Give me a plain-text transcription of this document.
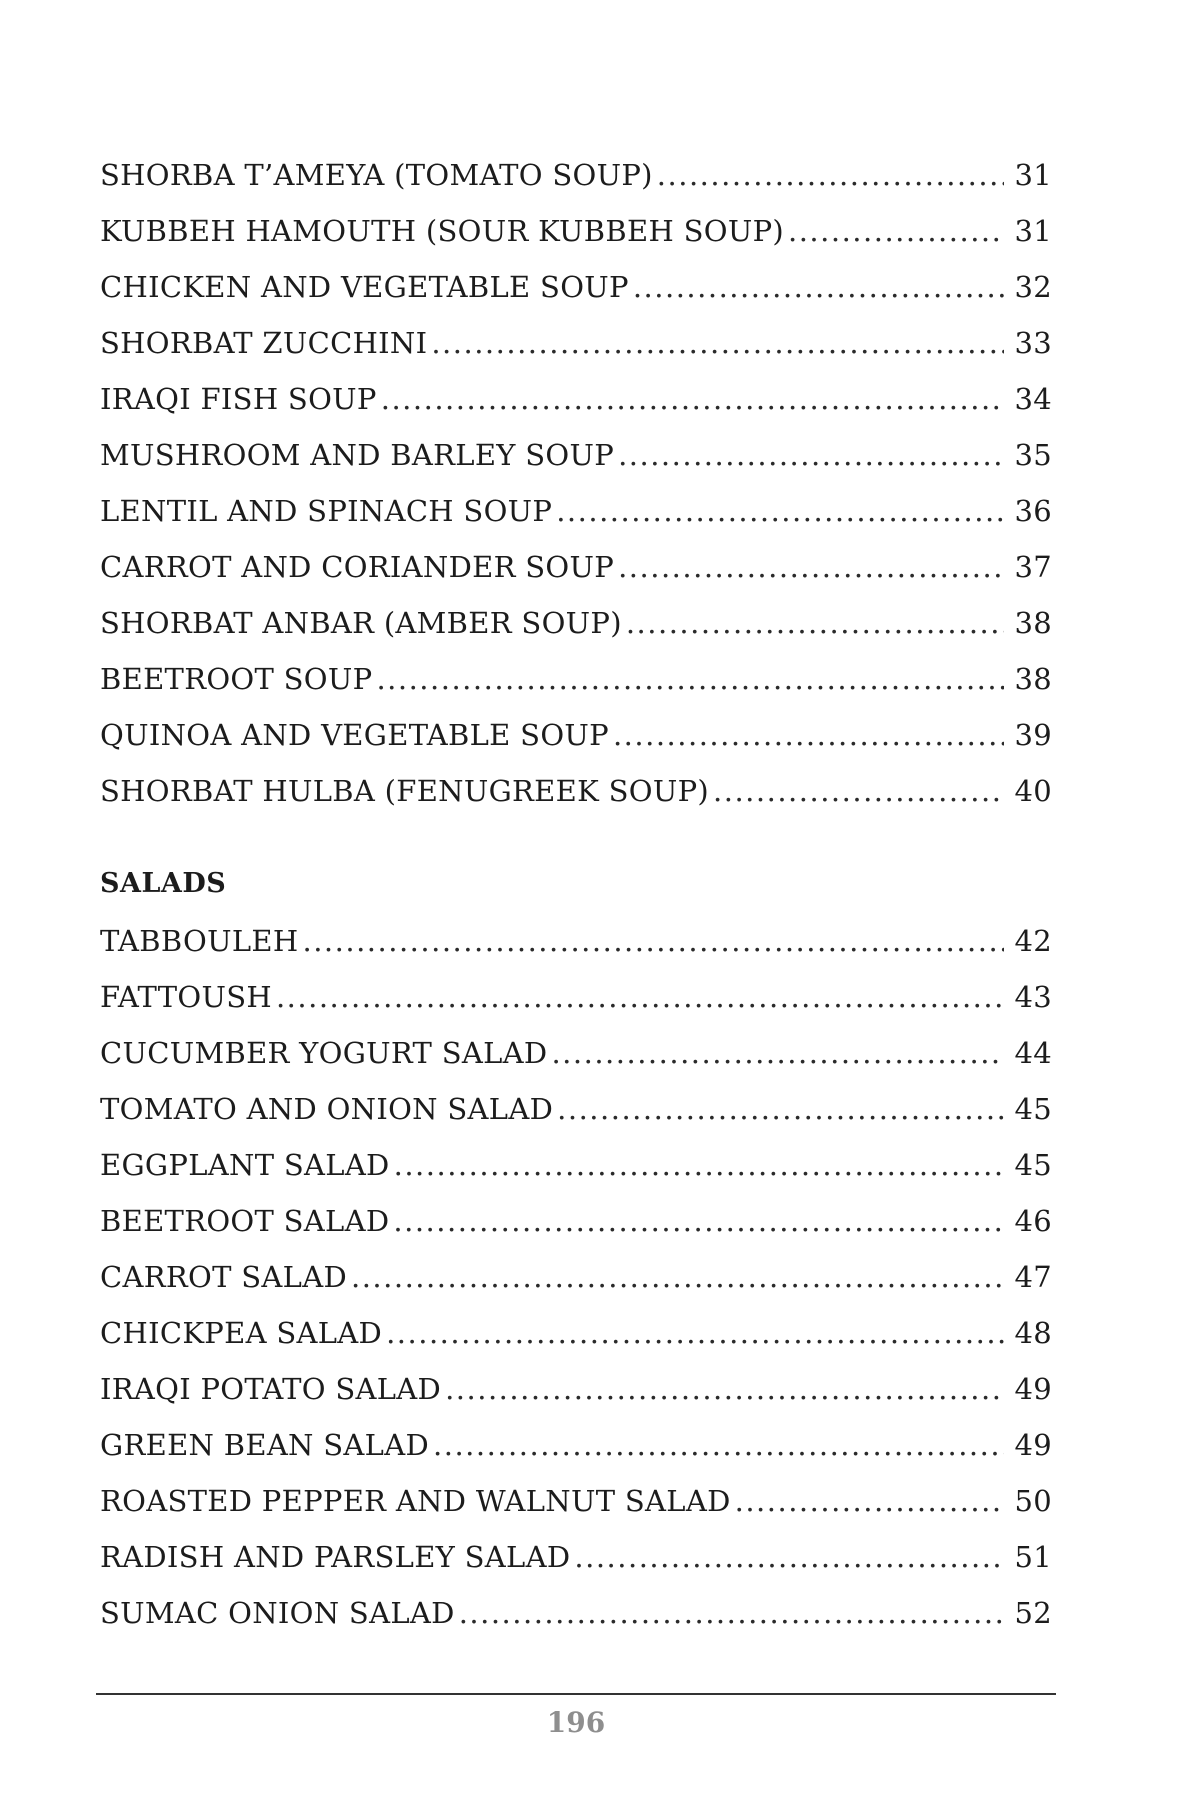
SHORBA T’AMEYA (TOMATO SOUP) .....	31
KUBBEH HAMOUTH (SOUR KUBBEH SOUP) .....	31
CHICKEN AND VEGETABLE SOUP .....	32
SHORBAT ZUCCHINI .....	33
IRAQI FISH SOUP .....	34
MUSHROOM AND BARLEY SOUP .....	35
LENTIL AND SPINACH SOUP .....	36
CARROT AND CORIANDER SOUP .....	37
SHORBAT ANBAR (AMBER SOUP) .....	38
BEETROOT SOUP .....	38
QUINOA AND VEGETABLE SOUP .....	39
SHORBAT HULBA (FENUGREEK SOUP) .....	40
SALADS
TABBOULEH .....	42
FATTOUSH .....	43
CUCUMBER YOGURT SALAD .....	44
TOMATO AND ONION SALAD .....	45
EGGPLANT SALAD .....	45
BEETROOT SALAD .....	46
CARROT SALAD .....	47
CHICKPEA SALAD .....	48
IRAQI POTATO SALAD .....	49
GREEN BEAN SALAD .....	49
ROASTED PEPPER AND WALNUT SALAD .....	50
RADISH AND PARSLEY SALAD .....	51
SUMAC ONION SALAD .....	52
196
